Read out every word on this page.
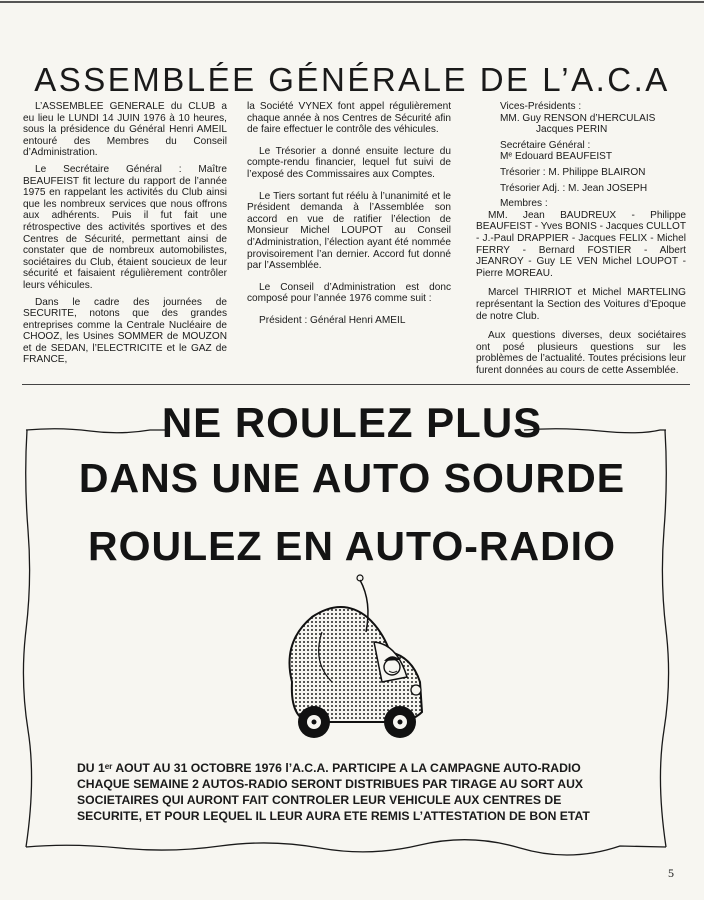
ASSEMBLÉE GÉNÉRALE DE L’A.C.A

L’ASSEMBLEE GENERALE du CLUB a eu lieu le LUNDI 14 JUIN 1976 à 10 heures, sous la présidence du Général Henri AMEIL entouré des Membres du Conseil d’Administration.

Le Secrétaire Général : Maître BEAUFEIST fit lecture du rapport de l’année 1975 en rappelant les activités du Club ainsi que les nombreux services que nous offrons aux adhérents. Puis il fut fait une rétrospective des activités sportives et des Centres de Sécurité, permettant ainsi de constater que de nombreux automobilistes, sociétaires du Club, étaient soucieux de leur sécurité et faisaient régulièrement contrôler leurs véhicules.

Dans le cadre des journées de SECURITE, notons que des grandes entreprises comme la Centrale Nucléaire de CHOOZ, les Usines SOMMER de MOUZON et de SEDAN, l’ELECTRICITE et le GAZ de FRANCE,

la Société VYNEX font appel régulièrement chaque année à nos Centres de Sécurité afin de faire effectuer le contrôle des véhicules.

Le Trésorier a donné ensuite lecture du compte-rendu financier, lequel fut suivi de l’exposé des Commissaires aux Comptes.

Le Tiers sortant fut réélu à l’unanimité et le Président demanda à l’Assemblée son accord en vue de ratifier l’élection de Monsieur Michel LOUPOT au Conseil d’Administration, l’élection ayant été nommée provisoirement l’an dernier. Accord fut donné par l’Assemblée.

Le Conseil d’Administration est donc composé pour l’année 1976 comme suit :

Président : Général Henri AMEIL

Vices-Présidents :
MM. Guy RENSON d’HERCULAIS
Jacques PERIN
Secrétaire Général :
Mᵉ Edouard BEAUFEIST
Trésorier : M. Philippe BLAIRON
Trésorier Adj. : M. Jean JOSEPH
Membres :
MM. Jean BAUDREUX - Philippe BEAUFEIST - Yves BONIS - Jacques CULLOT - J.-Paul DRAPPIER - Jacques FELIX - Michel FERRY - Bernard FOSTIER - Albert JEANROY - Guy LE VEN Michel LOUPOT - Pierre MOREAU.

Marcel THIRRIOT et Michel MARTELING représentant la Section des Voitures d’Epoque de notre Club.

Aux questions diverses, deux sociétaires ont posé plusieurs questions sur les problèmes de l’actualité. Toutes précisions leur furent données au cours de cette Assemblée.

NE ROULEZ PLUS
DANS UNE AUTO SOURDE
ROULEZ EN AUTO-RADIO
DU 1ᵉʳ AOUT AU 31 OCTOBRE 1976 l’A.C.A. PARTICIPE A LA CAMPAGNE AUTO-RADIO
CHAQUE SEMAINE 2 AUTOS-RADIO SERONT DISTRIBUES PAR TIRAGE AU SORT AUX
SOCIETAIRES QUI AURONT FAIT CONTROLER LEUR VEHICULE AUX CENTRES DE
SECURITE, ET POUR LEQUEL IL LEUR AURA ETE REMIS L’ATTESTATION DE BON ETAT
5
